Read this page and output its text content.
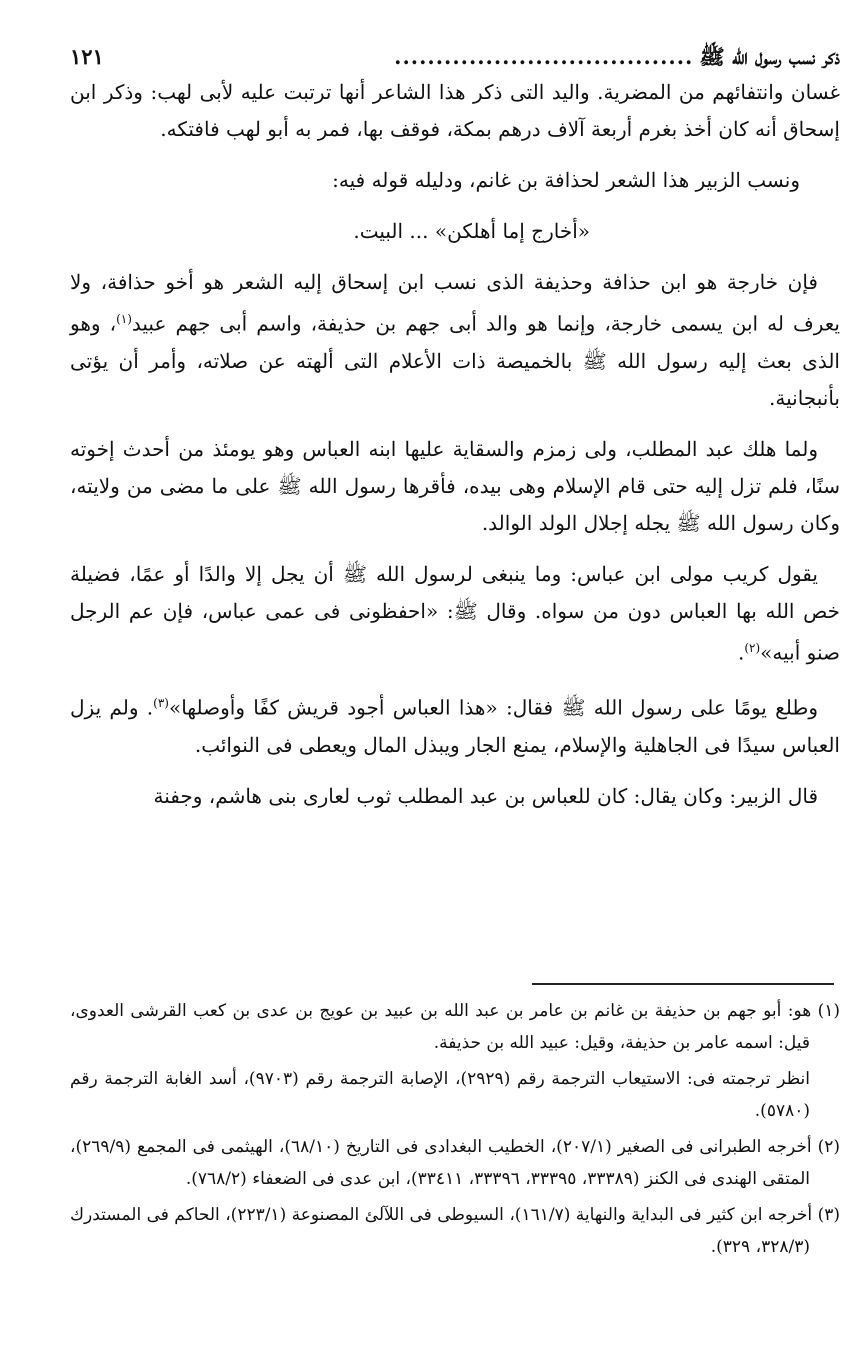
ذكر نسب رسول الله ﷺ
....................................
١٢١

غسان وانتفائهم من المضرية. واليد التى ذكر هذا الشاعر أنها ترتبت عليه لأبى لهب: وذكر ابن إسحاق أنه كان أخذ بغرم أربعة آلاف درهم بمكة، فوقف بها، فمر به أبو لهب فافتكه.

ونسب الزبير هذا الشعر لحذافة بن غانم، ودليله قوله فيه:

«أخارج إما أهلكن» ... البيت.

فإن خارجة هو ابن حذافة وحذيفة الذى نسب ابن إسحاق إليه الشعر هو أخو حذافة، ولا يعرف له ابن يسمى خارجة، وإنما هو والد أبى جهم بن حذيفة، واسم أبى جهم عبيد$^{(١)}$، وهو الذى بعث إليه رسول الله ﷺ بالخميصة ذات الأعلام التى ألهته عن صلاته، وأمر أن يؤتى بأنبجانية.

ولما هلك عبد المطلب، ولى زمزم والسقاية عليها ابنه العباس وهو يومئذ من أحدث إخوته سنًا، فلم تزل إليه حتى قام الإسلام وهى بيده، فأقرها رسول الله ﷺ على ما مضى من ولايته، وكان رسول الله ﷺ يجله إجلال الولد الوالد.

يقول كريب مولى ابن عباس: وما ينبغى لرسول الله ﷺ أن يجل إلا والدًا أو عمًا، فضيلة خص الله بها العباس دون من سواه. وقال ﷺ: «احفظونى فى عمى عباس، فإن عم الرجل صنو أبيه»$^{(٢)}$.

وطلع يومًا على رسول الله ﷺ فقال: «هذا العباس أجود قريش كفًا وأوصلها»$^{(٣)}$. ولم يزل العباس سيدًا فى الجاهلية والإسلام، يمنع الجار ويبذل المال ويعطى فى النوائب.

قال الزبير: وكان يقال: كان للعباس بن عبد المطلب ثوب لعارى بنى هاشم، وجفنة

(١) هو: أبو جهم بن حذيفة بن غانم بن عامر بن عبد الله بن عبيد بن عويج بن عدى بن كعب القرشى العدوى، قيل: اسمه عامر بن حذيفة، وقيل: عبيد الله بن حذيفة.

انظر ترجمته فى: الاستيعاب الترجمة رقم (٢٩٢٩)، الإصابة الترجمة رقم (٩٧٠٣)، أسد الغابة الترجمة رقم (٥٧٨٠).

(٢) أخرجه الطبرانى فى الصغير (٢٠٧/١)، الخطيب البغدادى فى التاريخ (٦٨/١٠)، الهيثمى فى المجمع (٢٦٩/٩)، المتقى الهندى فى الكنز (٣٣٣٨٩، ٣٣٣٩٥، ٣٣٣٩٦، ٣٣٤١١)، ابن عدى فى الضعفاء (٧٦٨/٢).

(٣) أخرجه ابن كثير فى البداية والنهاية (١٦١/٧)، السيوطى فى اللآلئ المصنوعة (٢٢٣/١)، الحاكم فى المستدرك (٣٢٨/٣، ٣٢٩).
